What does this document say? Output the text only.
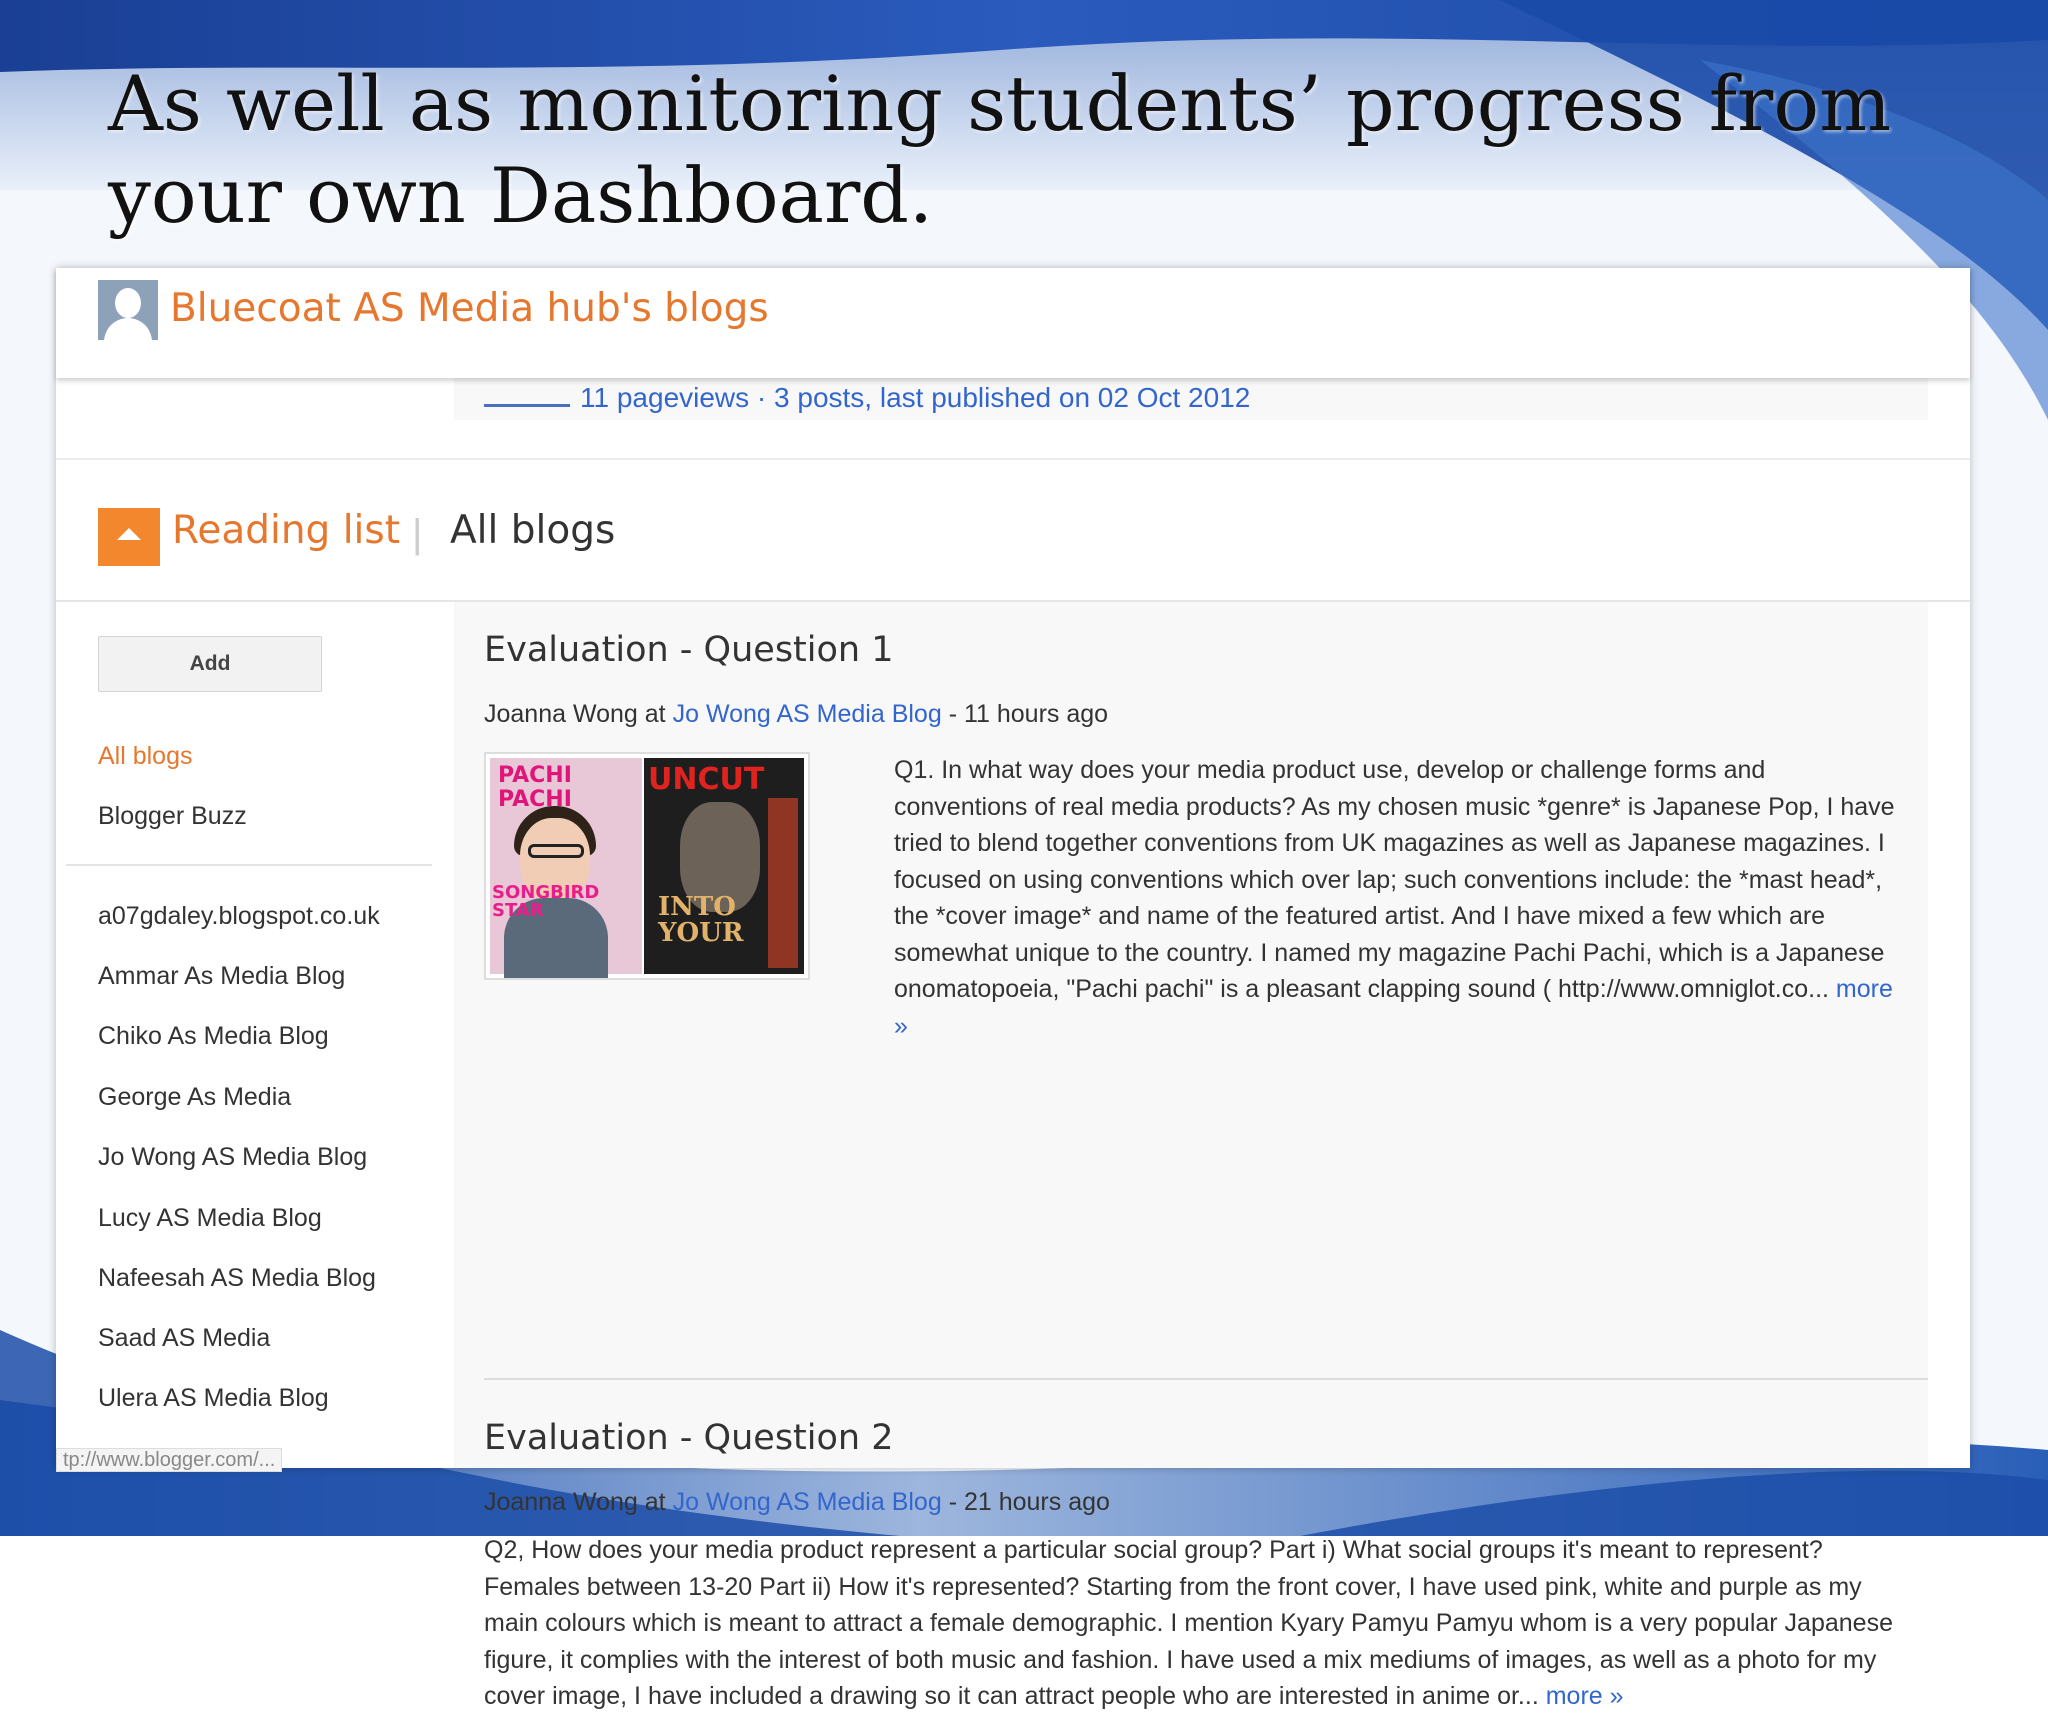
As well as monitoring students’ progress from
your own Dashboard.
Bluecoat AS Media hub's blogs
11 pageviews · 3 posts, last published on 02 Oct 2012
Reading list | All blogs
Add
All blogs
Blogger Buzz
a07gdaley.blogspot.co.uk
Ammar As Media Blog
Chiko As Media Blog
George As Media
Jo Wong AS Media Blog
Lucy AS Media Blog
Nafeesah AS Media Blog
Saad AS Media
Ulera AS Media Blog
tp://www.blogger.com/...
Evaluation - Question 1
Joanna Wong at Jo Wong AS Media Blog - 11 hours ago
PACHI PACHI
SONGBIRD STAR
UNCUT
INTO YOUR
Q1. In what way does your media product use, develop or challenge forms and conventions of real media products? As my chosen music *genre* is Japanese Pop, I have tried to blend together conventions from UK magazines as well as Japanese magazines. I focused on using conventions which over lap; such conventions include: the *mast head*, the *cover image* and name of the featured artist. And I have mixed a few which are somewhat unique to the country. I named my magazine Pachi Pachi, which is a Japanese onomatopoeia, "Pachi pachi" is a pleasant clapping sound ( http://www.omniglot.co... more »
Evaluation - Question 2
Joanna Wong at Jo Wong AS Media Blog - 21 hours ago
Q2, How does your media product represent a particular social group? Part i) What social groups it's meant to represent? Females between 13-20 Part ii) How it's represented? Starting from the front cover, I have used pink, white and purple as my main colours which is meant to attract a female demographic. I mention Kyary Pamyu Pamyu whom is a very popular Japanese figure, it complies with the interest of both music and fashion. I have used a mix mediums of images, as well as a photo for my cover image, I have included a drawing so it can attract people who are interested in anime or... more »
